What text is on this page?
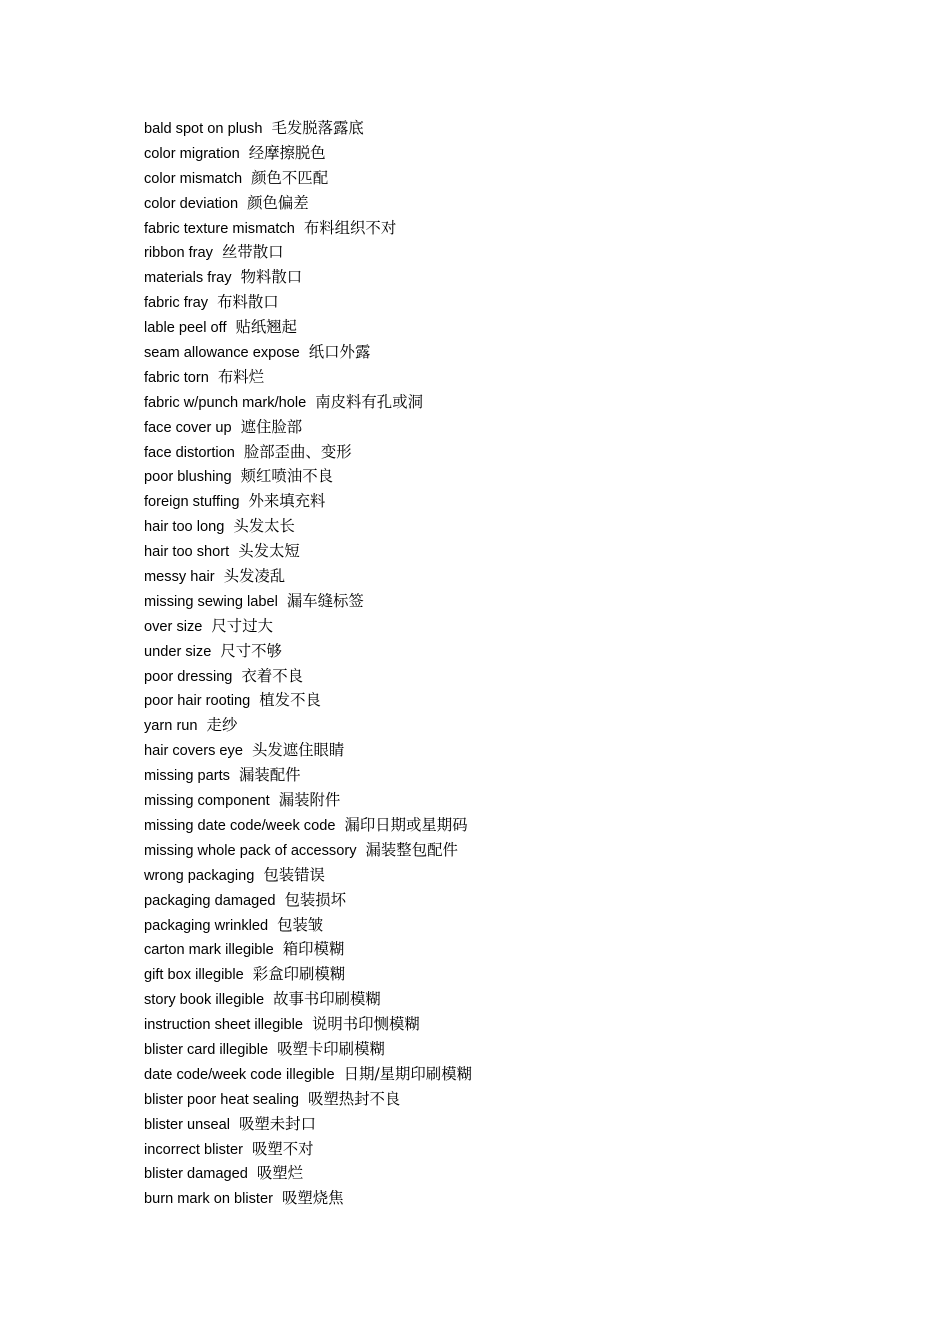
bald spot on plush 毛发脱落露底
color migration 经摩擦脱色
color mismatch 颜色不匹配
color deviation 颜色偏差
fabric texture mismatch 布料组织不对
ribbon fray 丝带散口
materials fray 物料散口
fabric fray 布料散口
lable peel off 贴纸翘起
seam allowance expose 纸口外露
fabric torn 布料烂
fabric w/punch mark/hole 南皮料有孔或洞
face cover up 遮住脸部
face distortion 脸部歪曲、变形
poor blushing 颊红喷油不良
foreign stuffing 外来填充料
hair too long 头发太长
hair too short 头发太短
messy hair 头发凌乱
missing sewing label 漏车缝标签
over size 尺寸过大
under size 尺寸不够
poor dressing 衣着不良
poor hair rooting 植发不良
yarn run 走纱
hair covers eye 头发遮住眼睛
missing parts 漏装配件
missing component 漏装附件
missing date code/week code 漏印日期或星期码
missing whole pack of accessory 漏装整包配件
wrong packaging 包装错误
packaging damaged 包装损坏
packaging wrinkled 包装皱
carton mark illegible 箱印模糊
gift box illegible 彩盒印刷模糊
story book illegible 故事书印刷模糊
instruction sheet illegible 说明书印恻模糊
blister card illegible 吸塑卡印刷模糊
date code/week code illegible 日期/星期印刷模糊
blister poor heat sealing 吸塑热封不良
blister unseal 吸塑未封口
incorrect blister 吸塑不对
blister damaged 吸塑烂
burn mark on blister 吸塑烧焦
